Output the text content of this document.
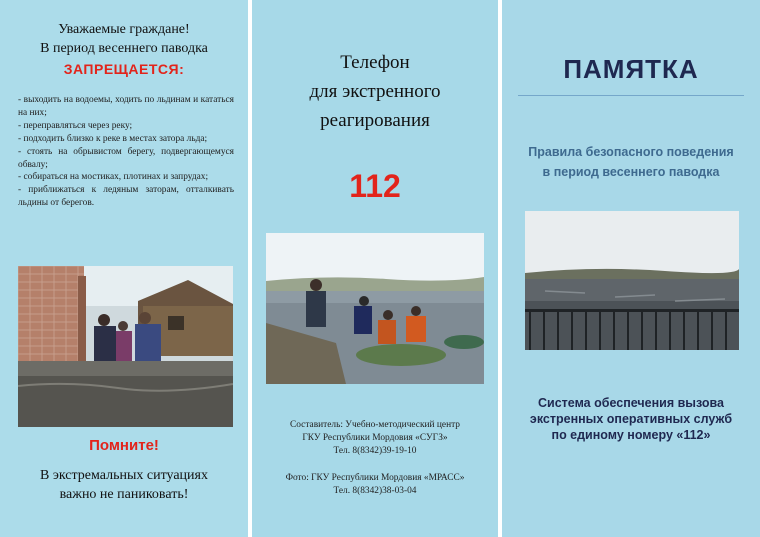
Уважаемые граждане!
В период весеннего паводка
ЗАПРЕЩАЕТСЯ:
- выходить на водоемы, ходить по льдинам и кататься на них;
- переправляться через реку;
- подходить близко к реке в местах затора льда;
- стоять на обрывистом берегу, подвергающемуся обвалу;
- собираться на мостиках, плотинах и запрудах;
- приближаться к ледяным заторам, отталкивать льдины от берегов.
Помните!
В экстремальных ситуациях
важно не паниковать!
Телефон
для экстренного
реагирования
112
Составитель: Учебно-методический центр
ГКУ Республики Мордовия «СУГЗ»
Тел. 8(8342)39-19-10
Фото: ГКУ Республики Мордовия «МРАСС»
Тел. 8(8342)38-03-04
ПАМЯТКА
Правила безопасного поведения
в период весеннего паводка
Система обеспечения вызова
экстренных оперативных служб
по единому номеру «112»
